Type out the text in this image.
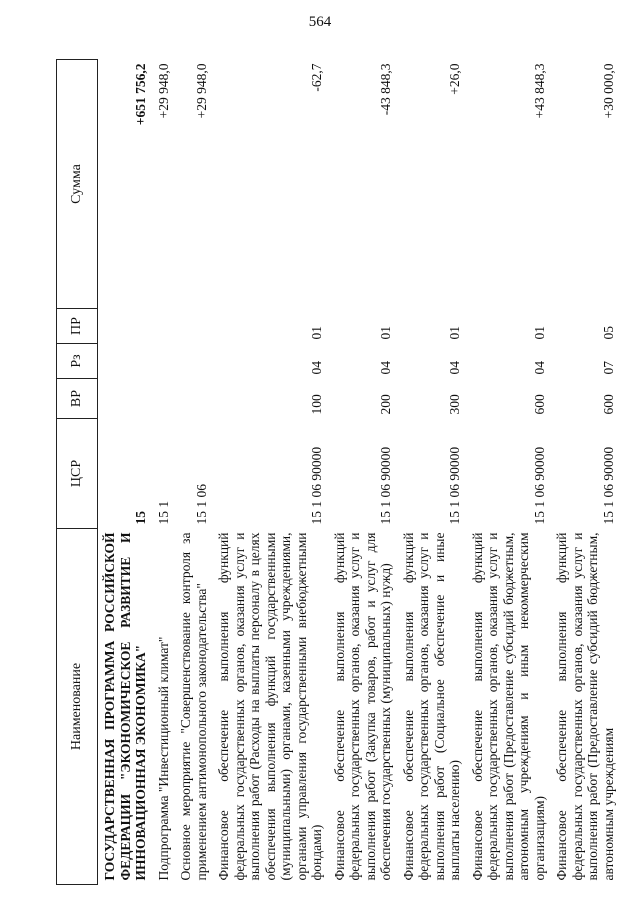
564
Наименование	ЦСР	ВР	Рз	ПР	Сумма
ГОСУДАРСТВЕННАЯ ПРОГРАММА РОССИЙСКОЙ ФЕДЕРАЦИИ "ЭКОНОМИЧЕСКОЕ РАЗВИТИЕ И ИННОВАЦИОННАЯ ЭКОНОМИКА"	15				+651 756,2
Подпрограмма "Инвестиционный климат"	15 1				+29 948,0
Основное мероприятие "Совершенствование контроля за применением антимонопольного законодательства"	15 1 06				+29 948,0
Финансовое обеспечение выполнения функций федеральных государственных органов, оказания услуг и выполнения работ (Расходы на выплаты персоналу в целях обеспечения выполнения функций государственными (муниципальными) органами, казенными учреждениями, органами управления государственными внебюджетными фондами)	15 1 06 90000	100	04	01	-62,7
Финансовое обеспечение выполнения функций федеральных государственных органов, оказания услуг и выполнения работ (Закупка товаров, работ и услуг для обеспечения государственных (муниципальных) нужд)	15 1 06 90000	200	04	01	-43 848,3
Финансовое обеспечение выполнения функций федеральных государственных органов, оказания услуг и выполнения работ (Социальное обеспечение и иные выплаты населению)	15 1 06 90000	300	04	01	+26,0
Финансовое обеспечение выполнения функций федеральных государственных органов, оказания услуг и выполнения работ (Предоставление субсидий бюджетным, автономным учреждениям и иным некоммерческим организациям)	15 1 06 90000	600	04	01	+43 848,3
Финансовое обеспечение выполнения функций федеральных государственных органов, оказания услуг и выполнения работ (Предоставление субсидий бюджетным, автономным учреждениям	15 1 06 90000	600	07	05	+30 000,0
